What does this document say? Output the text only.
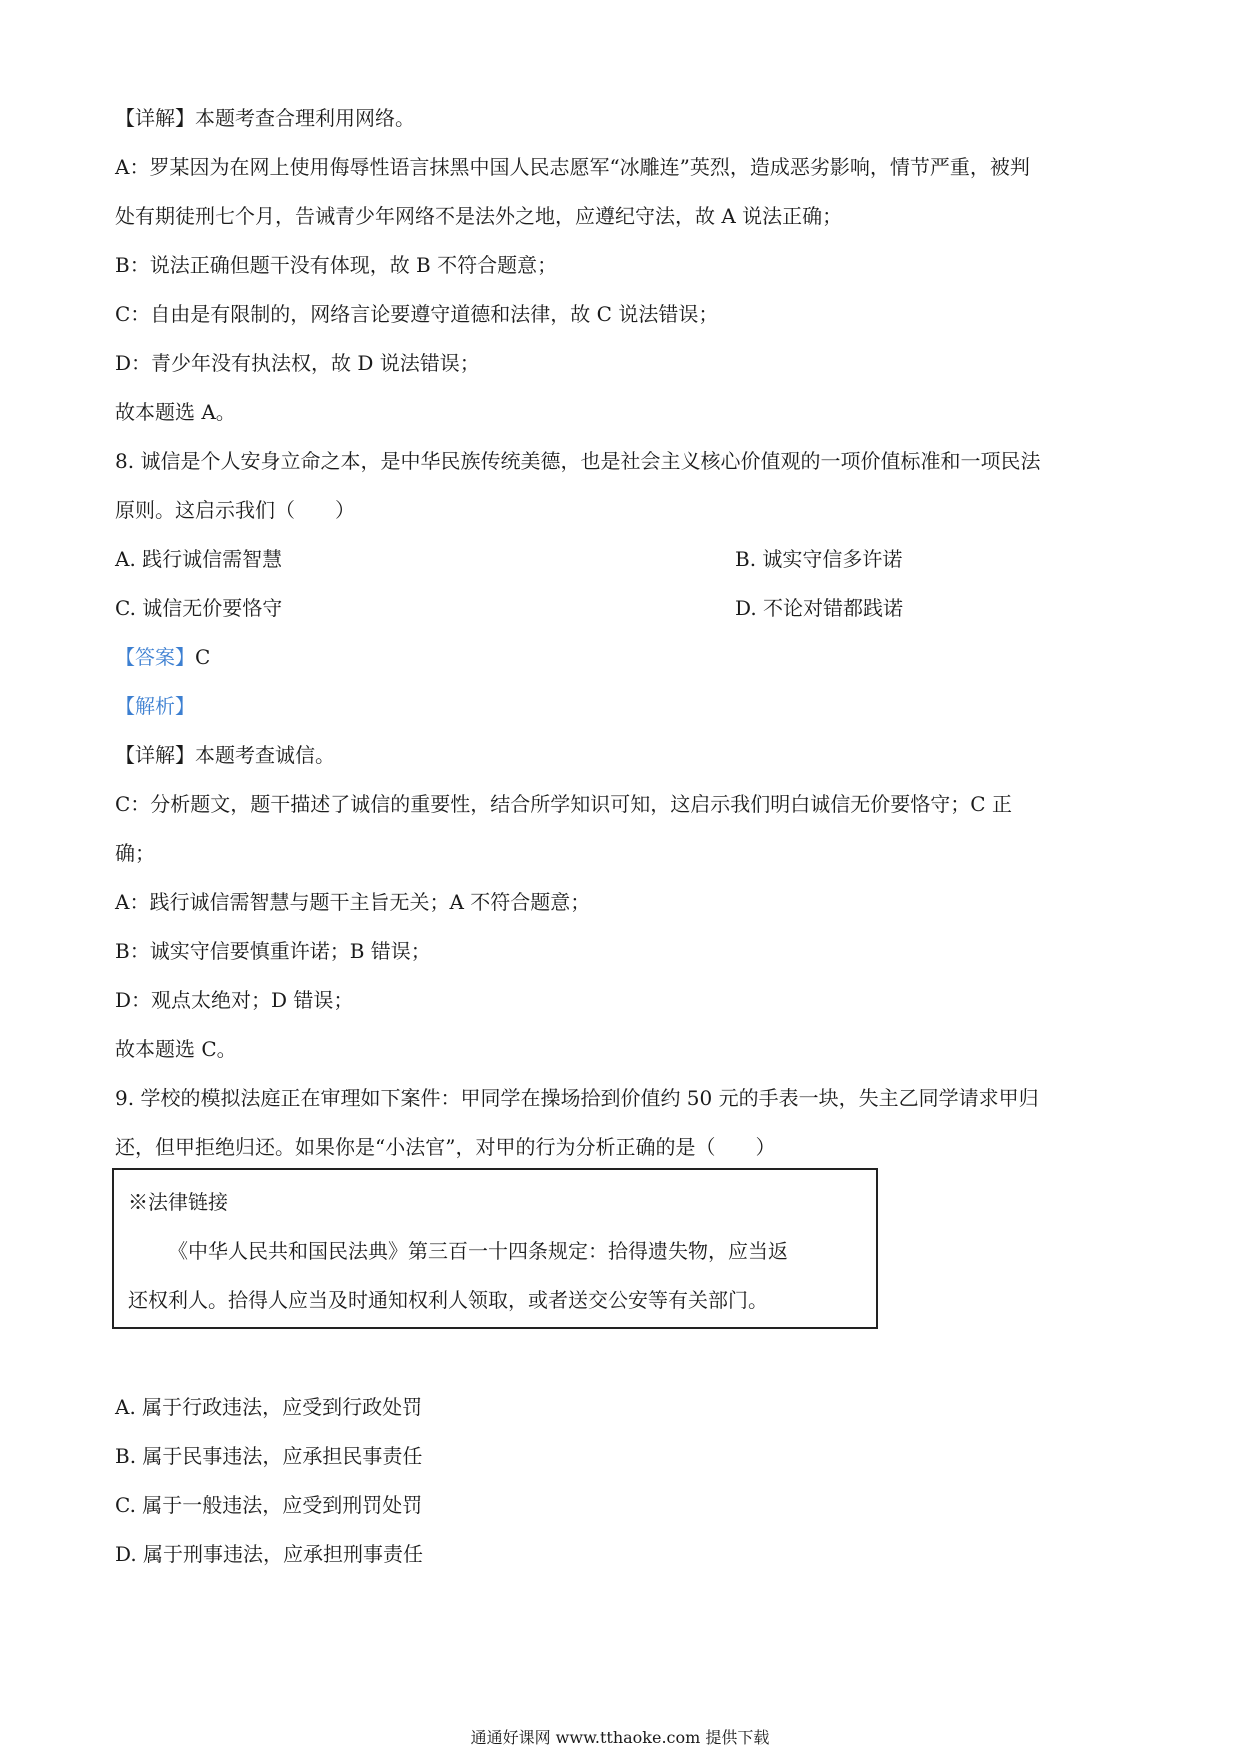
【详解】本题考查合理利用网络。
A：罗某因为在网上使用侮辱性语言抹黑中国人民志愿军“冰雕连”英烈，造成恶劣影响，情节严重，被判
处有期徒刑七个月，告诫青少年网络不是法外之地，应遵纪守法，故 A 说法正确；
B：说法正确但题干没有体现，故 B 不符合题意；
C：自由是有限制的，网络言论要遵守道德和法律，故 C 说法错误；
D：青少年没有执法权，故 D 说法错误；
故本题选 A。
8. 诚信是个人安身立命之本，是中华民族传统美德，也是社会主义核心价值观的一项价值标准和一项民法
原则。这启示我们（　　）
A. 践行诚信需智慧	B. 诚实守信多许诺
C. 诚信无价要恪守	D. 不论对错都践诺
【答案】C
【解析】
【详解】本题考查诚信。
C：分析题文，题干描述了诚信的重要性，结合所学知识可知，这启示我们明白诚信无价要恪守；C 正
确；
A：践行诚信需智慧与题干主旨无关；A 不符合题意；
B：诚实守信要慎重许诺；B 错误；
D：观点太绝对；D 错误；
故本题选 C。
9. 学校的模拟法庭正在审理如下案件：甲同学在操场拾到价值约 50 元的手表一块，失主乙同学请求甲归
还，但甲拒绝归还。如果你是“小法官”，对甲的行为分析正确的是（　　）
※法律链接
《中华人民共和国民法典》第三百一十四条规定：拾得遗失物，应当返
还权利人。拾得人应当及时通知权利人领取，或者送交公安等有关部门。
A. 属于行政违法，应受到行政处罚
B. 属于民事违法，应承担民事责任
C. 属于一般违法，应受到刑罚处罚
D. 属于刑事违法，应承担刑事责任
通通好课网 www.tthaoke.com 提供下载
